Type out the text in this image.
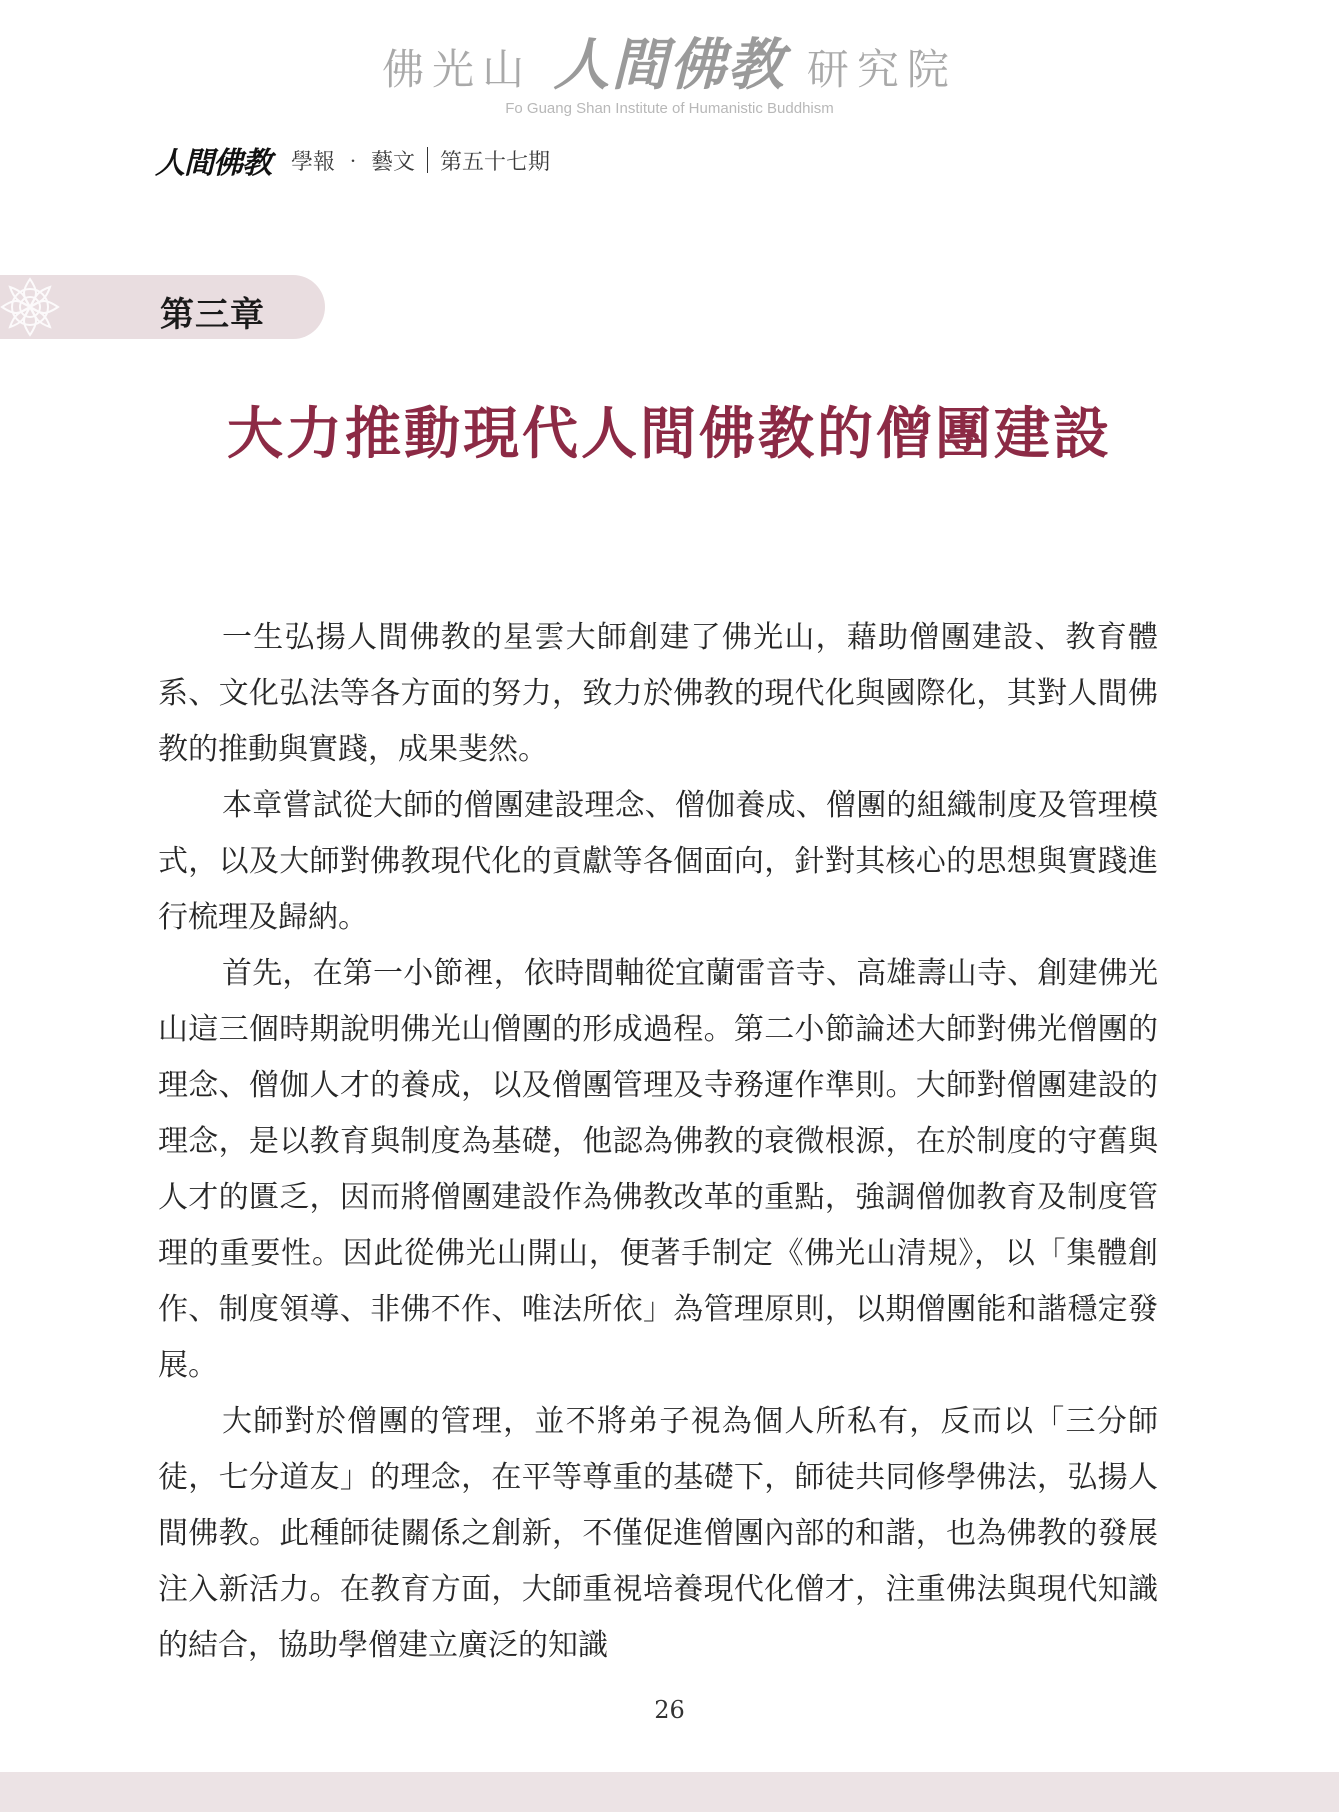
佛光山 人間佛教 研究院
Fo Guang Shan Institute of Humanistic Buddhism
人間佛教 學報 ‧ 藝文 第五十七期
第三章
大力推動現代人間佛教的僧團建設

一生弘揚人間佛教的星雲大師創建了佛光山，藉助僧團建設、教育體系、文化弘法等各方面的努力，致力於佛教的現代化與國際化，其對人間佛教的推動與實踐，成果斐然。

本章嘗試從大師的僧團建設理念、僧伽養成、僧團的組織制度及管理模式，以及大師對佛教現代化的貢獻等各個面向，針對其核心的思想與實踐進行梳理及歸納。

首先，在第一小節裡，依時間軸從宜蘭雷音寺、高雄壽山寺、創建佛光山這三個時期說明佛光山僧團的形成過程。第二小節論述大師對佛光僧團的理念、僧伽人才的養成，以及僧團管理及寺務運作準則。大師對僧團建設的理念，是以教育與制度為基礎，他認為佛教的衰微根源，在於制度的守舊與人才的匱乏，因而將僧團建設作為佛教改革的重點，強調僧伽教育及制度管理的重要性。因此從佛光山開山，便著手制定《佛光山清規》，以「集體創作、制度領導、非佛不作、唯法所依」為管理原則，以期僧團能和諧穩定發展。

大師對於僧團的管理，並不將弟子視為個人所私有，反而以「三分師徒，七分道友」的理念，在平等尊重的基礎下，師徒共同修學佛法，弘揚人間佛教。此種師徒關係之創新，不僅促進僧團內部的和諧，也為佛教的發展注入新活力。在教育方面，大師重視培養現代化僧才，注重佛法與現代知識的結合，協助學僧建立廣泛的知識

26
